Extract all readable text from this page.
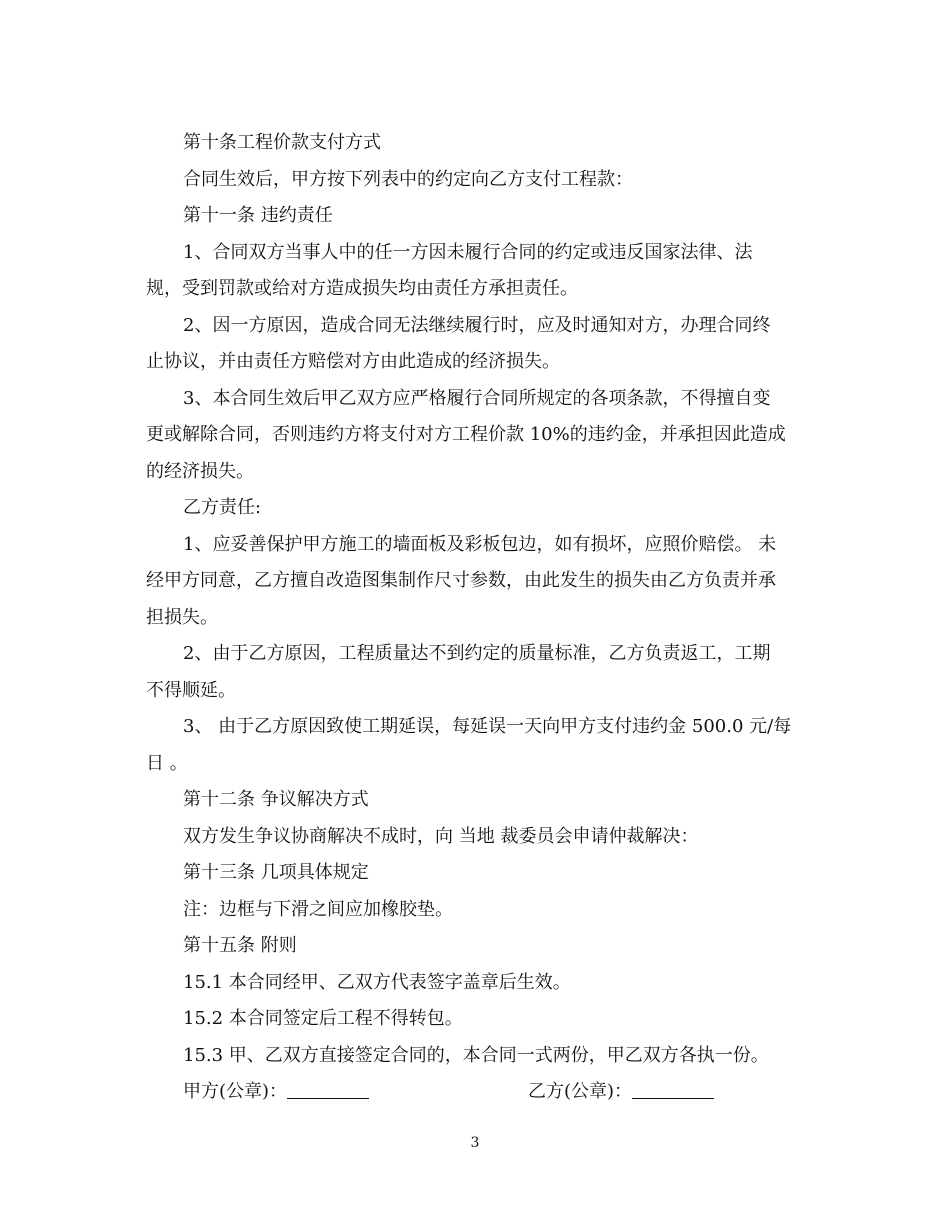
第十条工程价款支付方式
合同生效后，甲方按下列表中的约定向乙方支付工程款：
第十一条 违约责任
1、合同双方当事人中的任一方因未履行合同的约定或违反国家法律、法
规，受到罚款或给对方造成损失均由责任方承担责任。
2、因一方原因，造成合同无法继续履行时，应及时通知对方，办理合同终
止协议，并由责任方赔偿对方由此造成的经济损失。
3、本合同生效后甲乙双方应严格履行合同所规定的各项条款，不得擅自变
更或解除合同，否则违约方将支付对方工程价款 10%的违约金，并承担因此造成
的经济损失。
乙方责任:
1、应妥善保护甲方施工的墙面板及彩板包边，如有损坏，应照价赔偿。 未
经甲方同意，乙方擅自改造图集制作尺寸参数，由此发生的损失由乙方负责并承
担损失。
2、由于乙方原因，工程质量达不到约定的质量标准，乙方负责返工，工期
不得顺延。
3、 由于乙方原因致使工期延误，每延误一天向甲方支付违约金 500.0 元/每
日 。
第十二条 争议解决方式
双方发生争议协商解决不成时，向 当地 裁委员会申请仲裁解决：
第十三条 几项具体规定
注：边框与下滑之间应加橡胶垫。
第十五条 附则
15.1 本合同经甲、乙双方代表签字盖章后生效。
15.2 本合同签定后工程不得转包。
15.3 甲、乙双方直接签定合同的，本合同一式两份，甲乙双方各执一份。
甲方(公章)：	乙方(公章)：
3
